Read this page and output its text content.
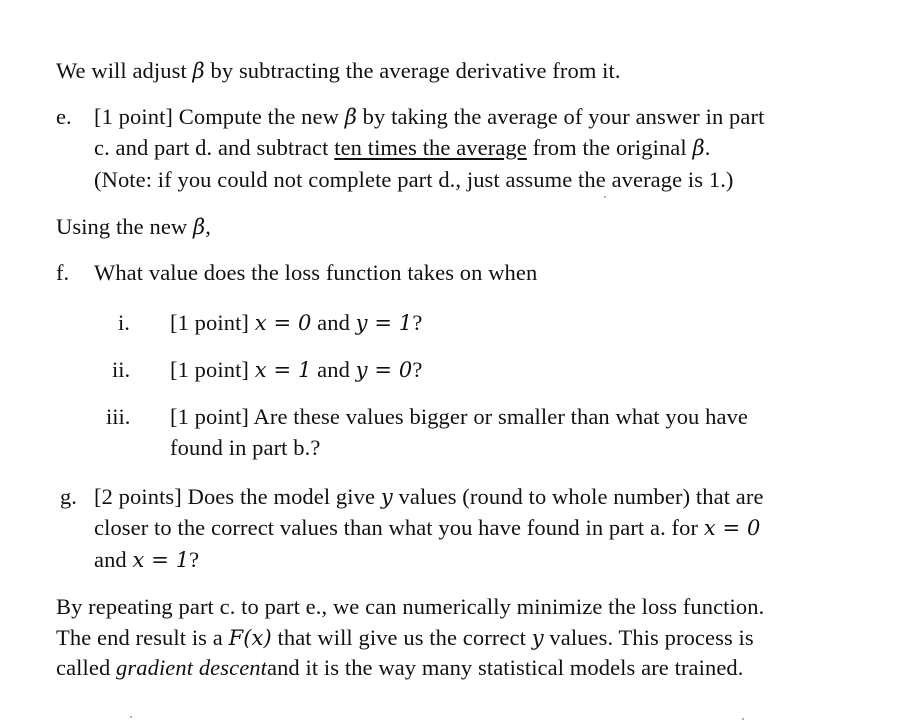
We will adjust β by subtracting the average derivative from it.
e. [1 point] Compute the new β by taking the average of your answer in part
c. and part d. and subtract ten times the average from the original β.
(Note: if you could not complete part d., just assume the average is 1.)
Using the new β,
f. What value does the loss function takes on when
i. [1 point] x = 0 and y = 1?
ii. [1 point] x = 1 and y = 0?
iii. [1 point] Are these values bigger or smaller than what you have
found in part b.?
g. [2 points] Does the model give y values (round to whole number) that are
closer to the correct values than what you have found in part a. for x = 0
and x = 1?
By repeating part c. to part e., we can numerically minimize the loss function.
The end result is a F(x) that will give us the correct y values. This process is
called gradient descentand it is the way many statistical models are trained.
